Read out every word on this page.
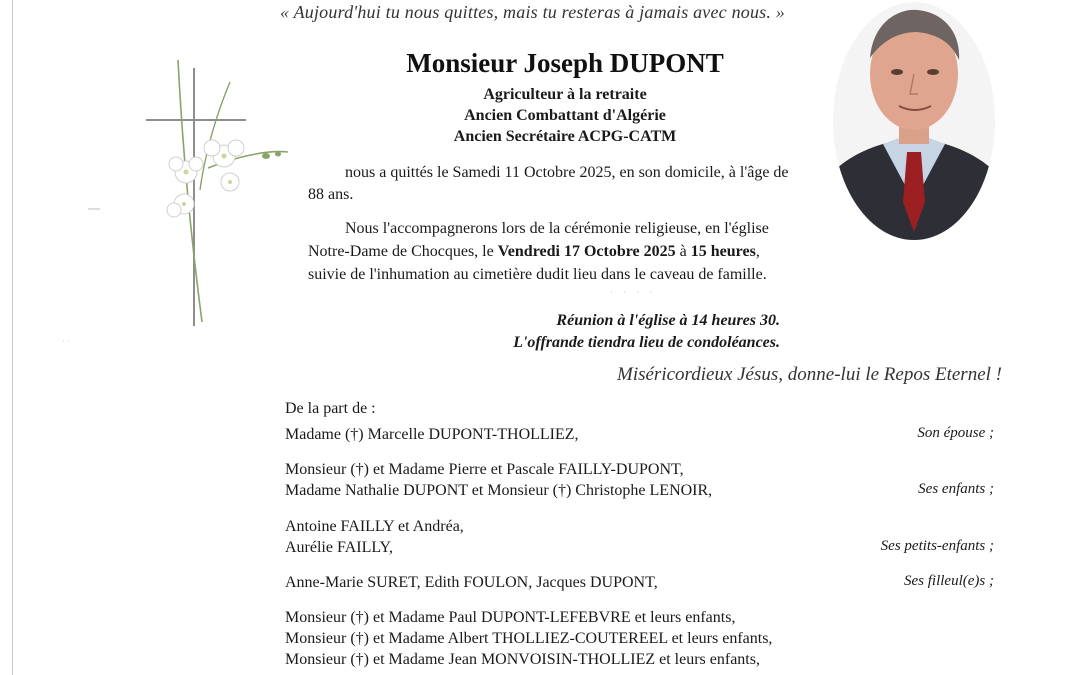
· ·
« Aujourd'hui tu nous quittes, mais tu resteras à jamais avec nous. »
Monsieur Joseph DUPONT
Agriculteur à la retraite
Ancien Combattant d'Algérie
Ancien Secrétaire ACPG-CATM
nous a quittés le Samedi 11 Octobre 2025, en son domicile, à l'âge de 88 ans.
Nous l'accompagnerons lors de la cérémonie religieuse, en l'église Notre-Dame de Chocques, le Vendredi 17 Octobre 2025 à 15 heures, suivie de l'inhumation au cimetière dudit lieu dans le caveau de famille.
· · · ·
Réunion à l'église à 14 heures 30.
L'offrande tiendra lieu de condoléances.
Miséricordieux Jésus, donne-lui le Repos Eternel !
De la part de :
Madame (†) Marcelle DUPONT-THOLLIEZ,	Son épouse ;
Monsieur (†) et Madame Pierre et Pascale FAILLY-DUPONT,
Madame Nathalie DUPONT et Monsieur (†) Christophe LENOIR,	Ses enfants ;
Antoine FAILLY et Andréa,
Aurélie FAILLY,	Ses petits-enfants ;
Anne-Marie SURET, Edith FOULON, Jacques DUPONT,	Ses filleul(e)s ;
Monsieur (†) et Madame Paul DUPONT-LEFEBVRE et leurs enfants,
Monsieur (†) et Madame Albert THOLLIEZ-COUTEREEL et leurs enfants,
Monsieur (†) et Madame Jean MONVOISIN-THOLLIEZ et leurs enfants,
